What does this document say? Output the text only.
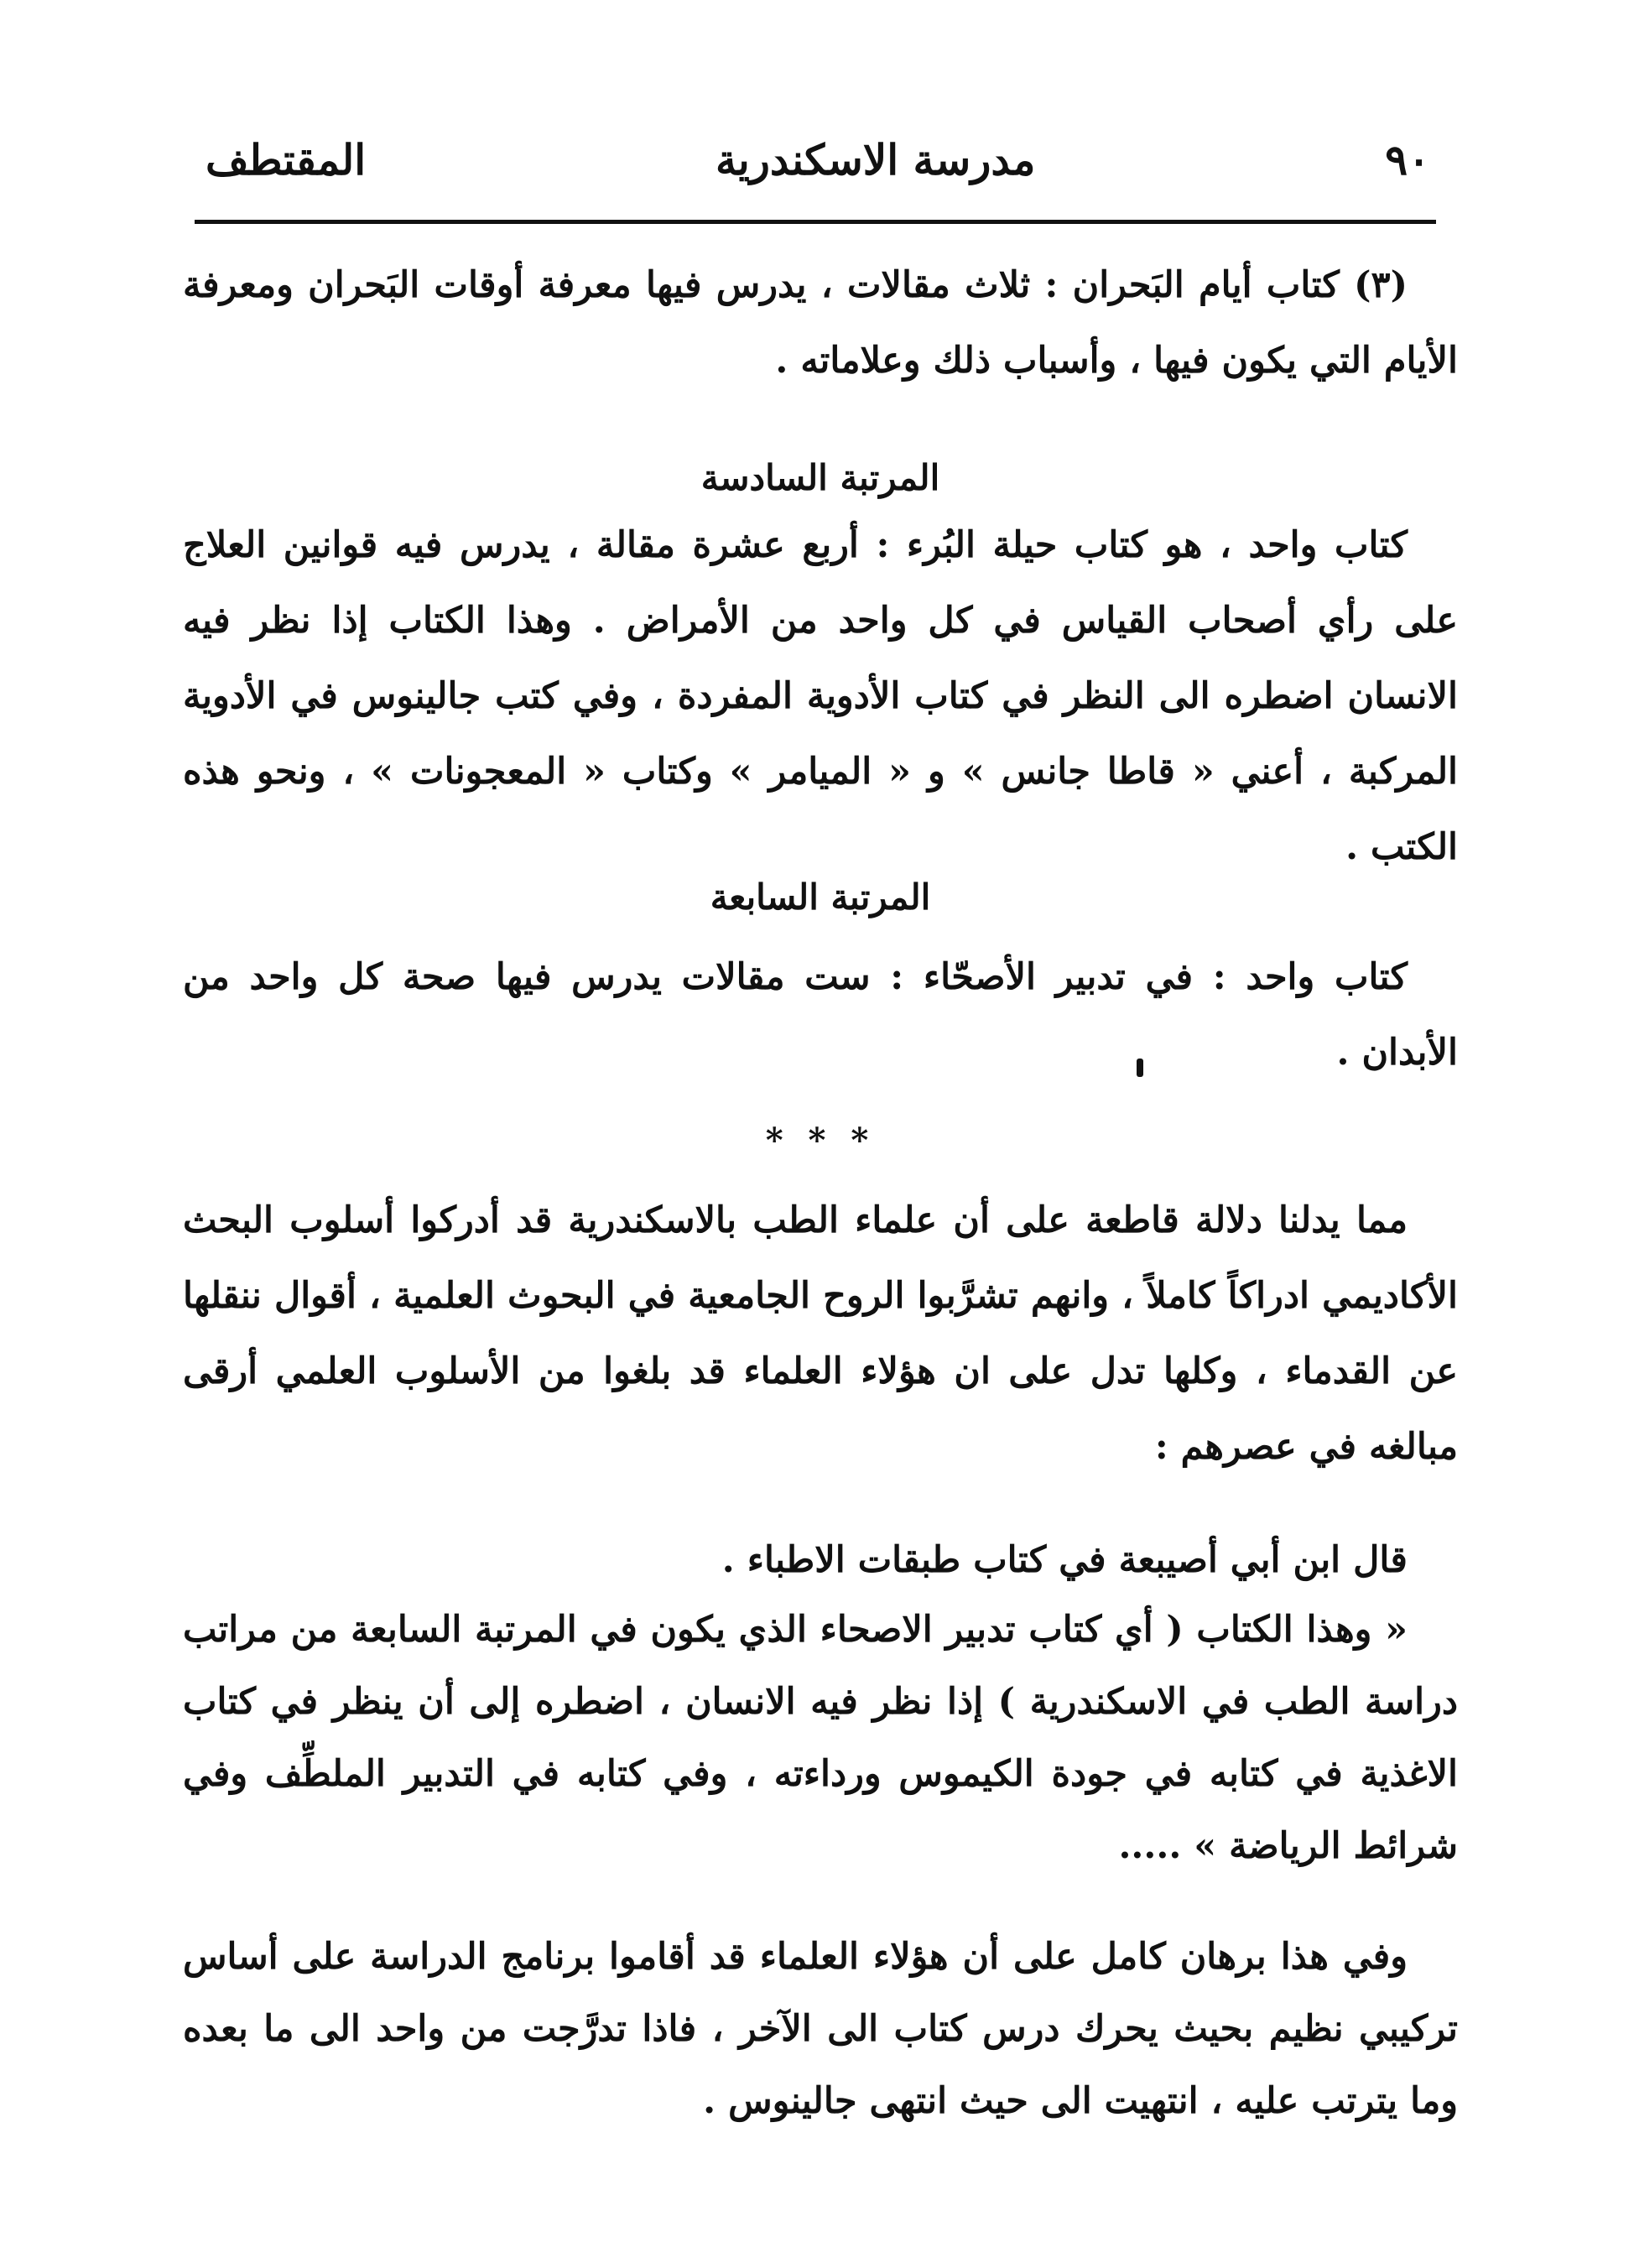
٩٠
مدرسة الاسكندرية
المقتطف

(٣) كتاب أيام البَحران : ثلاث مقالات ، يدرس فيها معرفة أوقات البَحران ومعرفة الأيام التي يكون فيها ، وأسباب ذلك وعلاماته .

المرتبة السادسة

كتاب واحد ، هو كتاب حيلة البُرء : أربع عشرة مقالة ، يدرس فيه قوانين العلاج على رأي أصحاب القياس في كل واحد من الأمراض . وهذا الكتاب إذا نظر فيه الانسان اضطره الى النظر في كتاب الأدوية المفردة ، وفي كتب جالينوس في الأدوية المركبة ، أعني « قاطا جانس » و « الميامر » وكتاب « المعجونات » ، ونحو هذه الكتب .

المرتبة السابعة

كتاب واحد : في تدبير الأصحّاء : ست مقالات يدرس فيها صحة كل واحد من الأبدان .

* * *

مما يدلنا دلالة قاطعة على أن علماء الطب بالاسكندرية قد أدركوا أسلوب البحث الأكاديمي ادراكاً كاملاً ، وانهم تشرَّبوا الروح الجامعية في البحوث العلمية ، أقوال ننقلها عن القدماء ، وكلها تدل على ان هؤلاء العلماء قد بلغوا من الأسلوب العلمي أرقى مبالغه في عصرهم :

قال ابن أبي أصيبعة في كتاب طبقات الاطباء .

« وهذا الكتاب ( أي كتاب تدبير الاصحاء الذي يكون في المرتبة السابعة من مراتب دراسة الطب في الاسكندرية ) إذا نظر فيه الانسان ، اضطره إلى أن ينظر في كتاب الاغذية في كتابه في جودة الكيموس ورداءته ، وفي كتابه في التدبير الملطِّف وفي شرائط الرياضة » .....

وفي هذا برهان كامل على أن هؤلاء العلماء قد أقاموا برنامج الدراسة على أساس تركيبي نظيم بحيث يحرك درس كتاب الى الآخر ، فاذا تدرَّجت من واحد الى ما بعده وما يترتب عليه ، انتهيت الى حيث انتهى جالينوس .
